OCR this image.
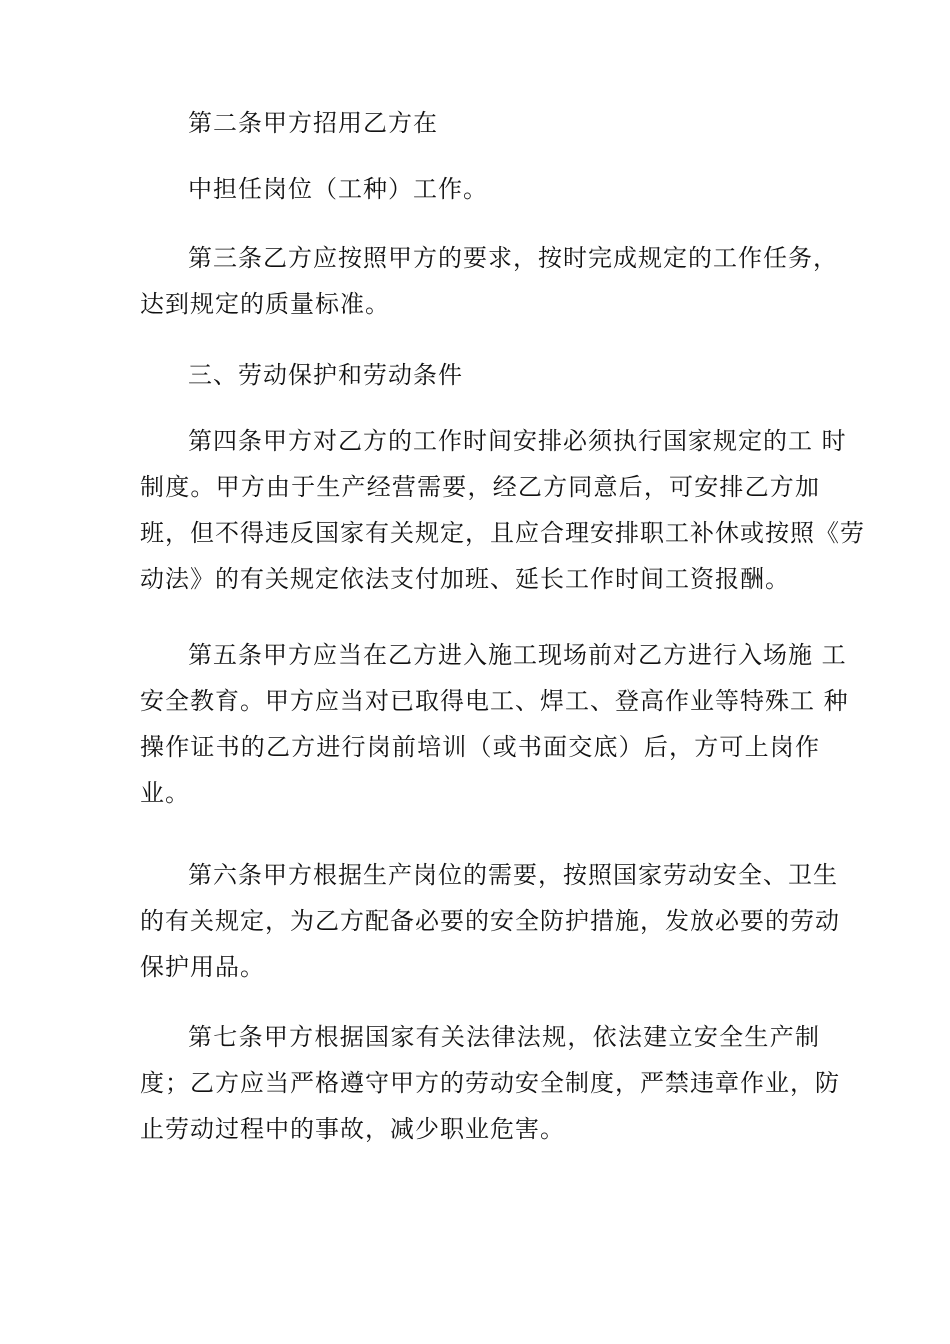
第二条甲方招用乙方在

中担任岗位（工种）工作。

第三条乙方应按照甲方的要求，按时完成规定的工作任务，
达到规定的质量标准。

三、劳动保护和劳动条件

第四条甲方对乙方的工作时间安排必须执行国家规定的工 时
制度。甲方由于生产经营需要，经乙方同意后，可安排乙方加
班，但不得违反国家有关规定，且应合理安排职工补休或按照《劳
动法》的有关规定依法支付加班、延长工作时间工资报酬。

第五条甲方应当在乙方进入施工现场前对乙方进行入场施 工
安全教育。甲方应当对已取得电工、焊工、登高作业等特殊工 种
操作证书的乙方进行岗前培训（或书面交底）后，方可上岗作
业。

第六条甲方根据生产岗位的需要，按照国家劳动安全、卫生
的有关规定，为乙方配备必要的安全防护措施，发放必要的劳动
保护用品。

第七条甲方根据国家有关法律法规，依法建立安全生产制
度；乙方应当严格遵守甲方的劳动安全制度，严禁违章作业，防
止劳动过程中的事故，减少职业危害。
